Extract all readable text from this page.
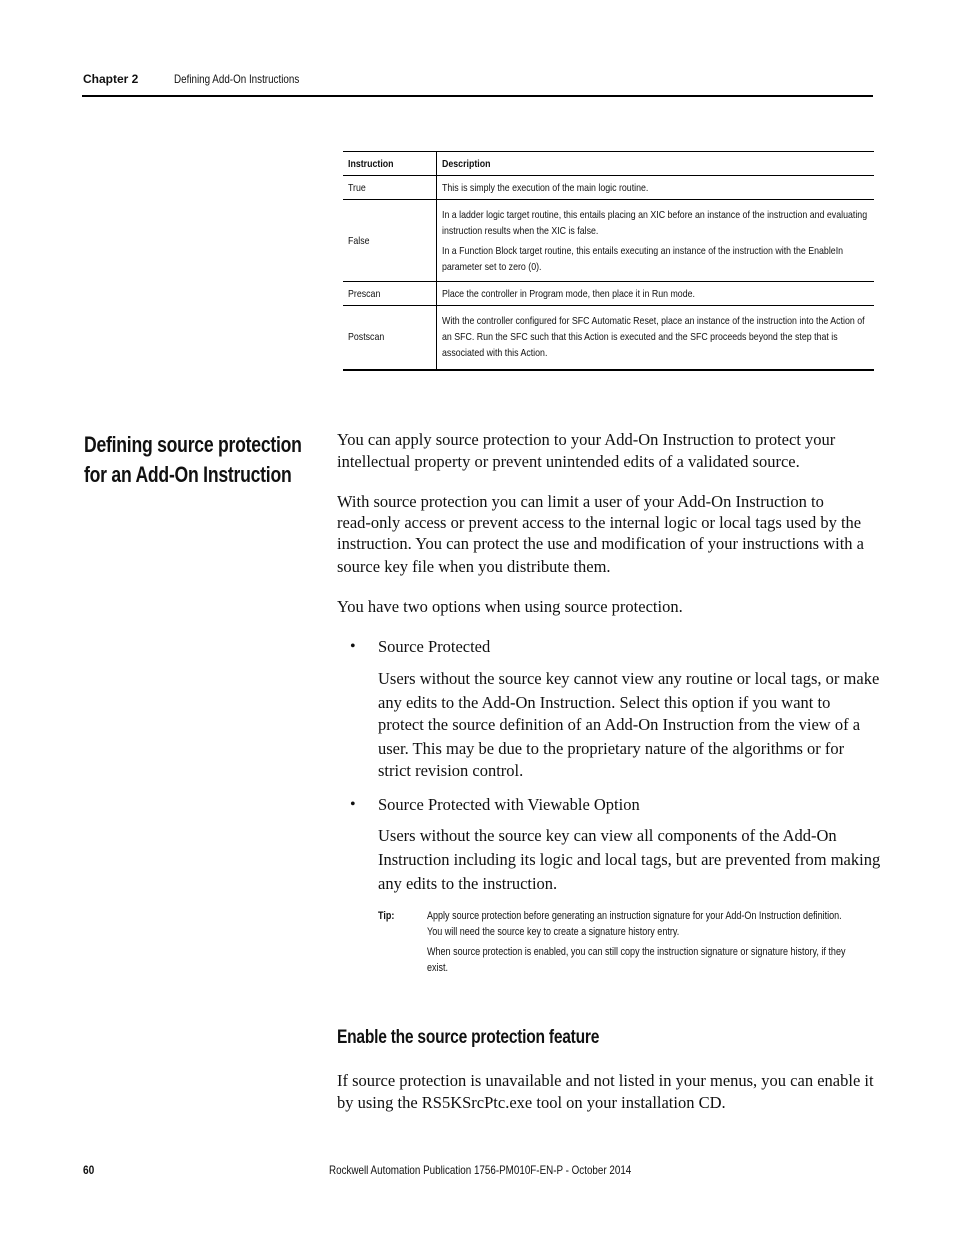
Chapter 2	Defining Add-On Instructions
Instruction	Description
True	This is simply the execution of the main logic routine.
False	In a ladder logic target routine, this entails placing an XIC before an instance of the instruction and evaluating instruction results when the XIC is false.
In a Function Block target routine, this entails executing an instance of the instruction with the EnableIn parameter set to zero (0).

Prescan	Place the controller in Program mode, then place it in Run mode.
Postscan	With the controller configured for SFC Automatic Reset, place an instance of the instruction into the Action of an SFC. Run the SFC such that this Action is executed and the SFC proceeds beyond the step that is associated with this Action.
Defining source protection
for an Add-On Instruction
You can apply source protection to your Add-On Instruction to protect your
intellectual property or prevent unintended edits of a validated source.
With source protection you can limit a user of your Add-On Instruction to
read-only access or prevent access to the internal logic or local tags used by the
instruction. You can protect the use and modification of your instructions with a
source key file when you distribute them.
You have two options when using source protection.
• Source Protected
Users without the source key cannot view any routine or local tags, or make
any edits to the Add-On Instruction. Select this option if you want to
protect the source definition of an Add-On Instruction from the view of a
user. This may be due to the proprietary nature of the algorithms or for
strict revision control.
• Source Protected with Viewable Option
Users without the source key can view all components of the Add-On
Instruction including its logic and local tags, but are prevented from making
any edits to the instruction.
Tip:	Apply source protection before generating an instruction signature for your Add-On Instruction definition.
You will need the source key to create a signature history entry.
When source protection is enabled, you can still copy the instruction signature or signature history, if they
exist.
Enable the source protection feature
If source protection is unavailable and not listed in your menus, you can enable it
by using the RS5KSrcPtc.exe tool on your installation CD.
60	Rockwell Automation Publication 1756-PM010F-EN-P - October 2014
